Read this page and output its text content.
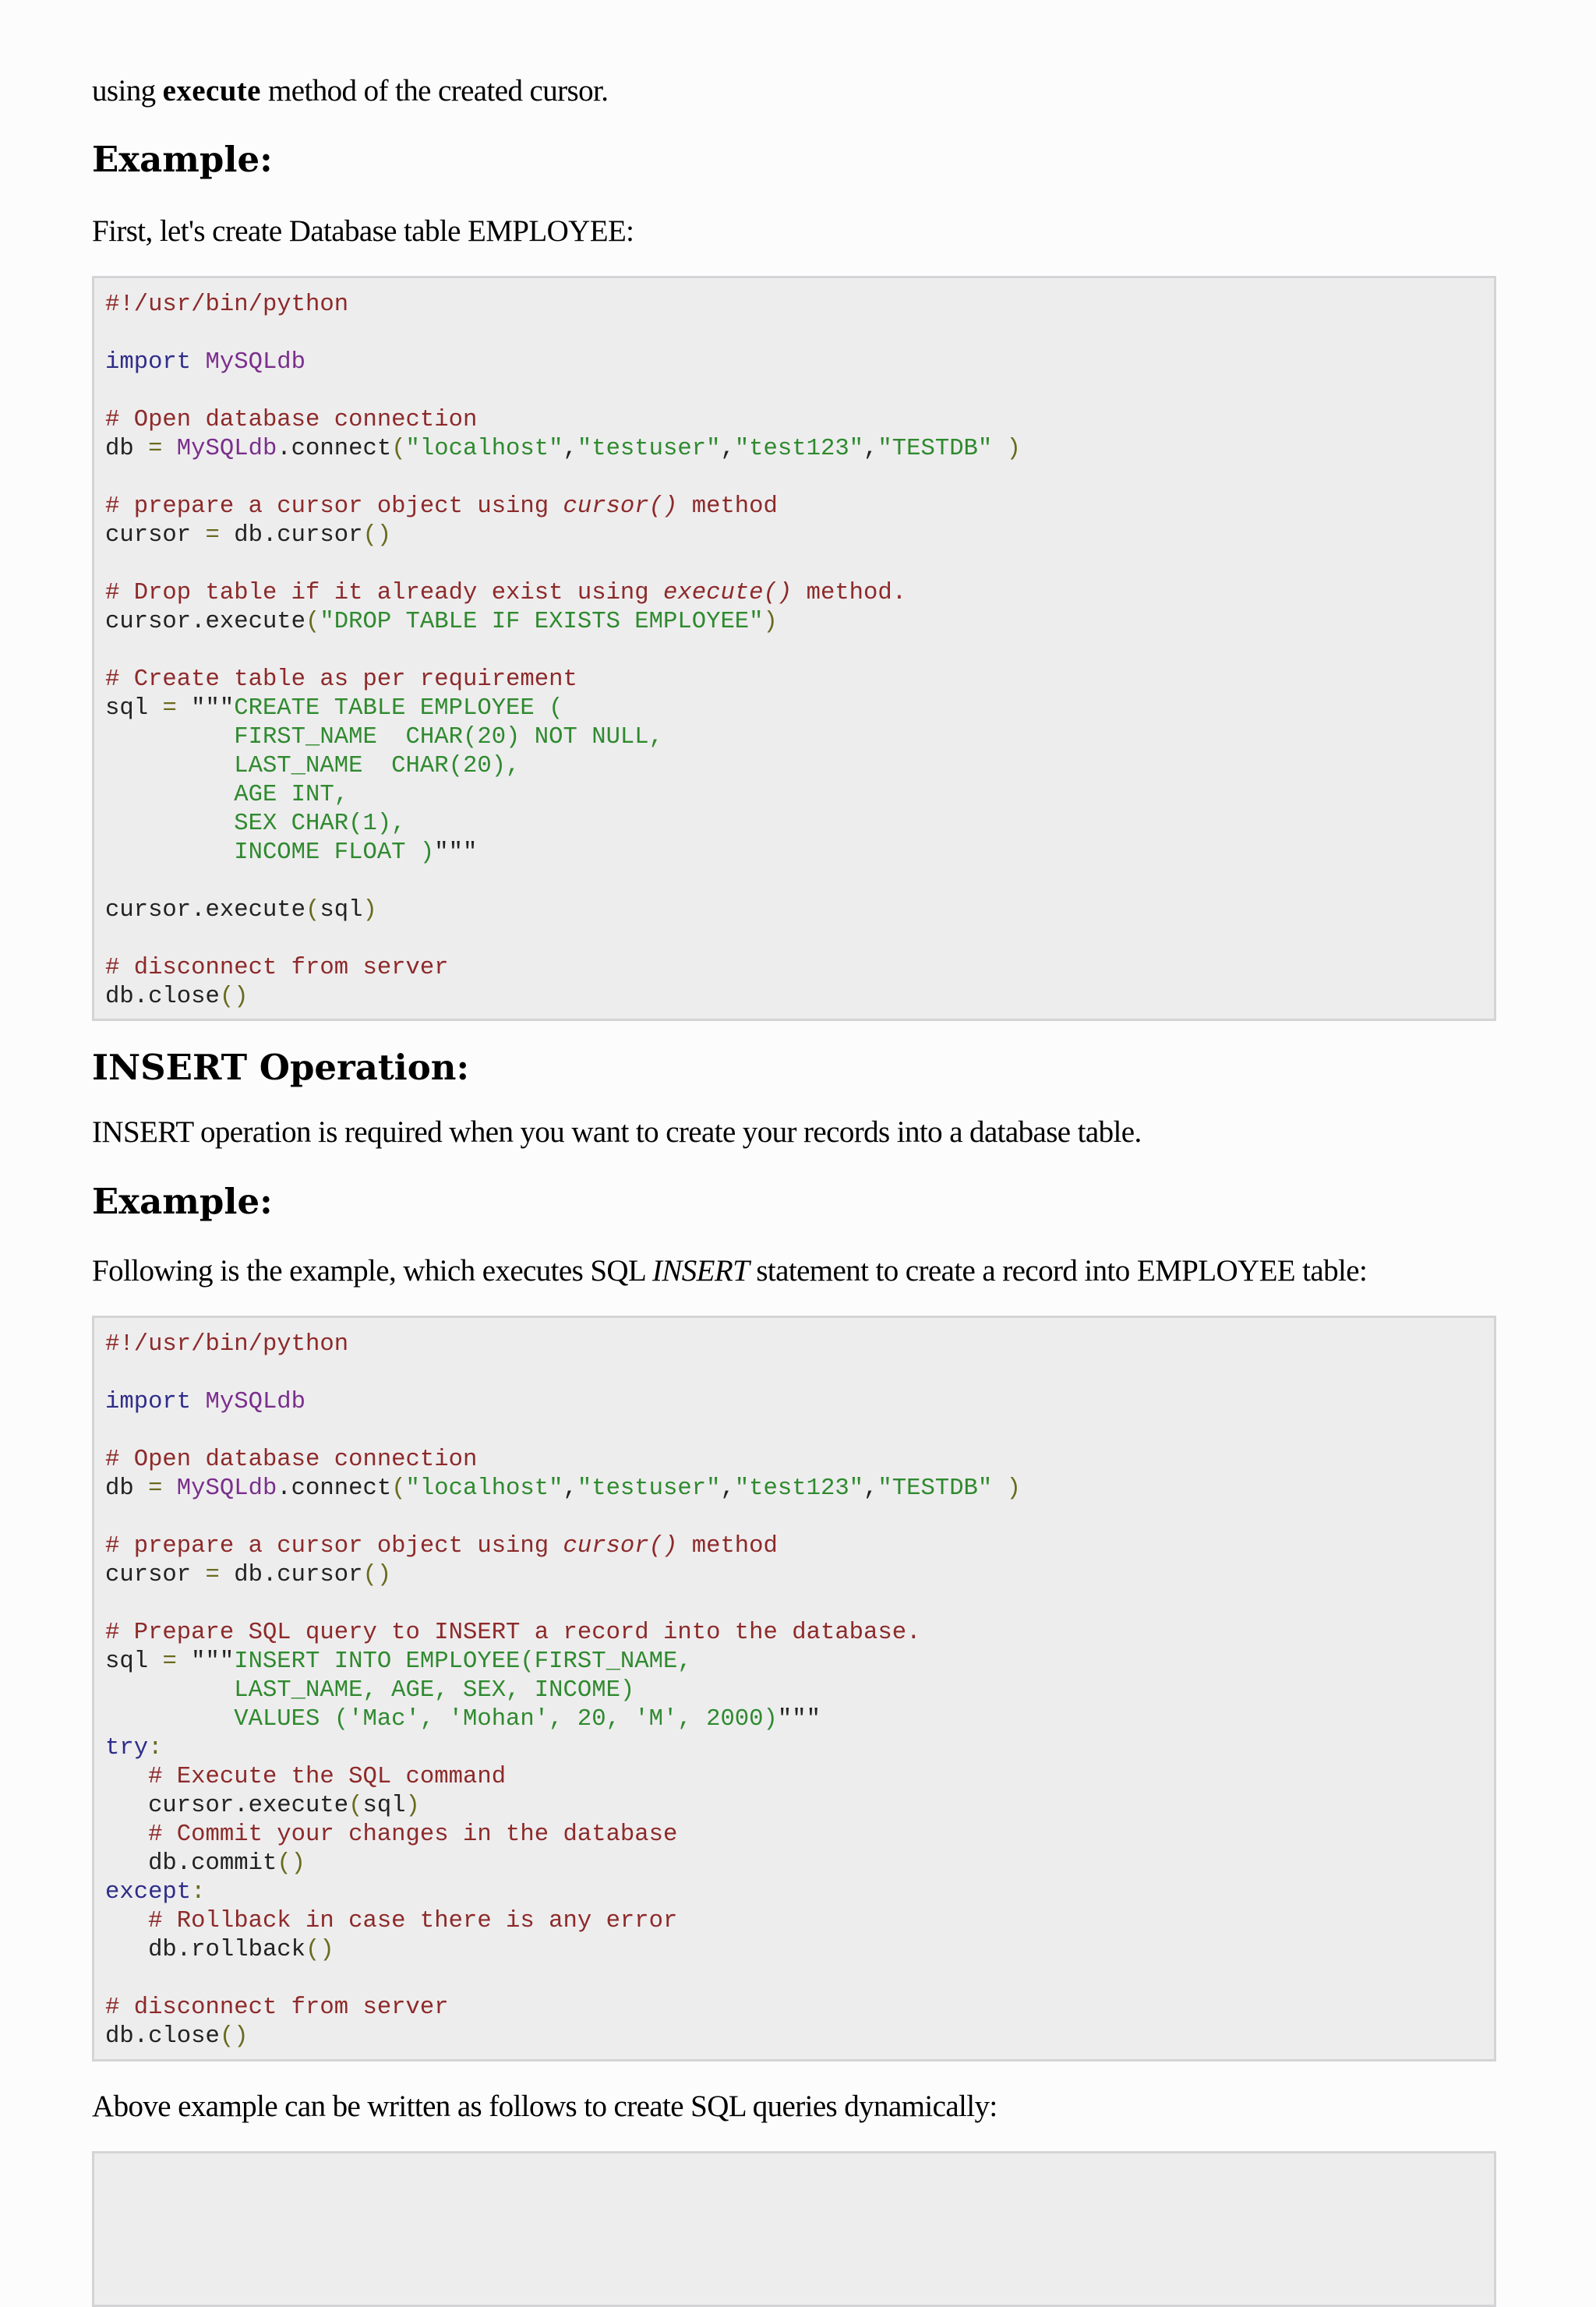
using execute method of the created cursor.
Example:
First, let's create Database table EMPLOYEE:
#!/usr/bin/python

import MySQLdb

# Open database connection
db = MySQLdb.connect("localhost","testuser","test123","TESTDB" )

# prepare a cursor object using cursor() method
cursor = db.cursor()

# Drop table if it already exist using execute() method.
cursor.execute("DROP TABLE IF EXISTS EMPLOYEE")

# Create table as per requirement
sql = """CREATE TABLE EMPLOYEE (
FIRST_NAME  CHAR(20) NOT NULL,
LAST_NAME  CHAR(20),
AGE INT,
SEX CHAR(1),
INCOME FLOAT )"""

cursor.execute(sql)

# disconnect from server
db.close()
INSERT Operation:
INSERT operation is required when you want to create your records into a database table.
Example:
Following is the example, which executes SQL INSERT statement to create a record into EMPLOYEE table:
#!/usr/bin/python

import MySQLdb

# Open database connection
db = MySQLdb.connect("localhost","testuser","test123","TESTDB" )

# prepare a cursor object using cursor() method
cursor = db.cursor()

# Prepare SQL query to INSERT a record into the database.
sql = """INSERT INTO EMPLOYEE(FIRST_NAME,
LAST_NAME, AGE, SEX, INCOME)
VALUES ('Mac', 'Mohan', 20, 'M', 2000)"""
try:
# Execute the SQL command
cursor.execute(sql)
# Commit your changes in the database
db.commit()
except:
# Rollback in case there is any error
db.rollback()

# disconnect from server
db.close()
Above example can be written as follows to create SQL queries dynamically:
